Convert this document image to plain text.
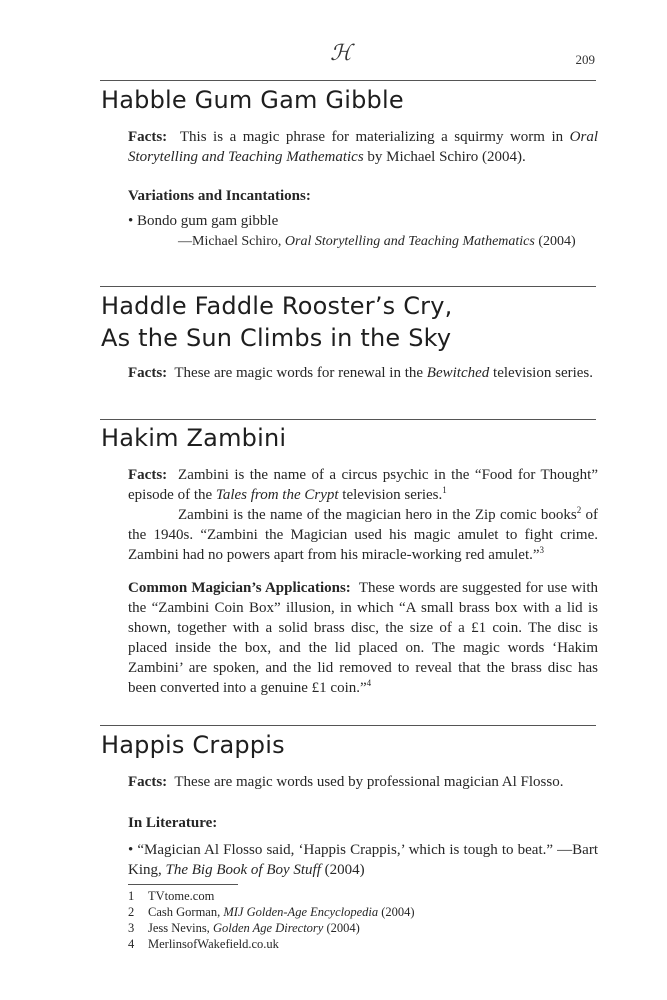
ℋ	209
Habble Gum Gam Gibble

Facts: This is a magic phrase for materializing a squirmy worm in Oral Storytelling and Teaching Mathematics by Michael Schiro (2004).

Variations and Incantations:

• Bondo gum gam gibble
—Michael Schiro, Oral Storytelling and Teaching Mathematics (2004)

Haddle Faddle Rooster’s Cry,
As the Sun Climbs in the Sky

Facts: These are magic words for renewal in the Bewitched television series.

Hakim Zambini

Facts: Zambini is the name of a circus psychic in the “Food for Thought” episode of the Tales from the Crypt television series.$^1$
Zambini is the name of the magician hero in the Zip comic books$^2$ of the 1940s. “Zambini the Magician used his magic amulet to fight crime. Zambini had no powers apart from his miracle-working red amulet.”$^3$

Common Magician’s Applications: These words are suggested for use with the “Zambini Coin Box” illusion, in which “A small brass box with a lid is shown, together with a solid brass disc, the size of a £1 coin. The disc is placed inside the box, and the lid placed on. The magic words ‘Hakim Zambini’ are spoken, and the lid removed to reveal that the brass disc has been converted into a genuine £1 coin.”$^4$

Happis Crappis

Facts: These are magic words used by professional magician Al Flosso.

In Literature:

• “Magician Al Flosso said, ‘Happis Crappis,’ which is tough to beat.” —Bart King, The Big Book of Boy Stuff (2004)

1 TVtome.com
2 Cash Gorman, MIJ Golden-Age Encyclopedia (2004)
3 Jess Nevins, Golden Age Directory (2004)
4 MerlinsofWakefield.co.uk
